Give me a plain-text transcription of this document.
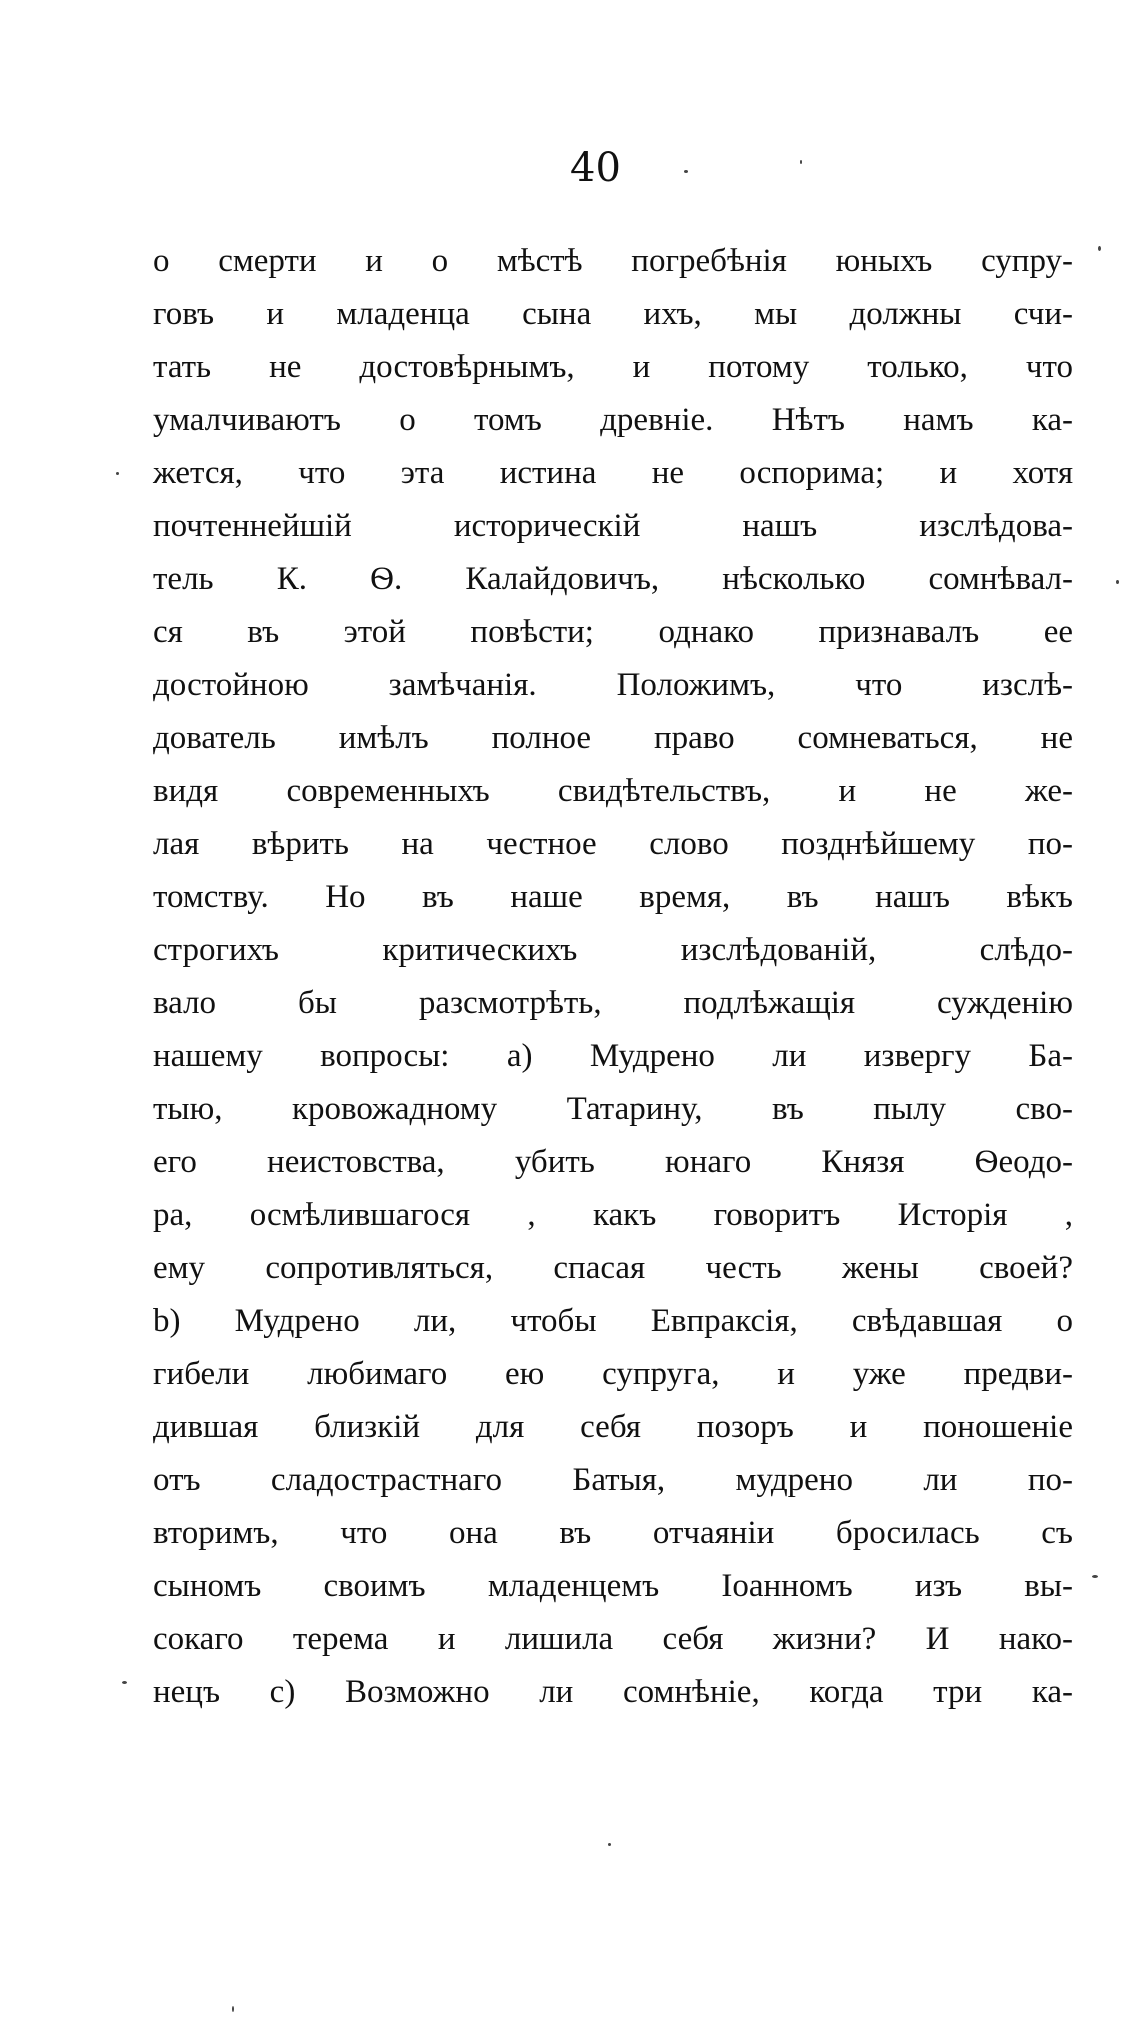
40
о смерти и о мѣстѣ погребѣнія юныхъ супру-
говъ и младенца сына ихъ, мы должны счи-
тать не достовѣрнымъ, и потому только, что
умалчиваютъ о томъ древніе. Нѣтъ намъ ка-
жется, что эта истина не оспорима; и хотя
почтеннейшій историческій нашъ изслѣдова-
тель К. Ѳ. Калайдовичъ, нѣсколько сомнѣвал-
ся въ этой повѣсти; однако признавалъ ее
достойною замѣчанія. Положимъ, что изслѣ-
дователь имѣлъ полное право сомневаться, не
видя современныхъ свидѣтельствъ, и не же-
лая вѣрить на честное слово позднѣйшему по-
томству. Но въ наше время, въ нашъ вѣкъ
строгихъ критическихъ изслѣдованій, слѣдо-
вало бы разсмотрѣть, подлѣжащія сужденію
нашему вопросы: a) Мудрено ли извергу Ба-
тыю, кровожадному Татарину, въ пылу сво-
его неистовства, убить юнаго Князя Ѳеодо-
ра, осмѣлившагося , какъ говоритъ Исторія ,
ему сопротивляться, спасая честь жены своей?
b) Мудрено ли, чтобы Евпраксія, свѣдавшая о
гибели любимаго ею супруга, и уже предви-
дившая близкій для себя позоръ и поношеніе
отъ сладострастнаго Батыя, мудрено ли по-
вторимъ, что она въ отчаяніи бросилась съ
сыномъ своимъ младенцемъ Іоанномъ изъ вы-
сокаго терема и лишила себя жизни? И нако-
нецъ c) Возможно ли сомнѣніе, когда три ка-
